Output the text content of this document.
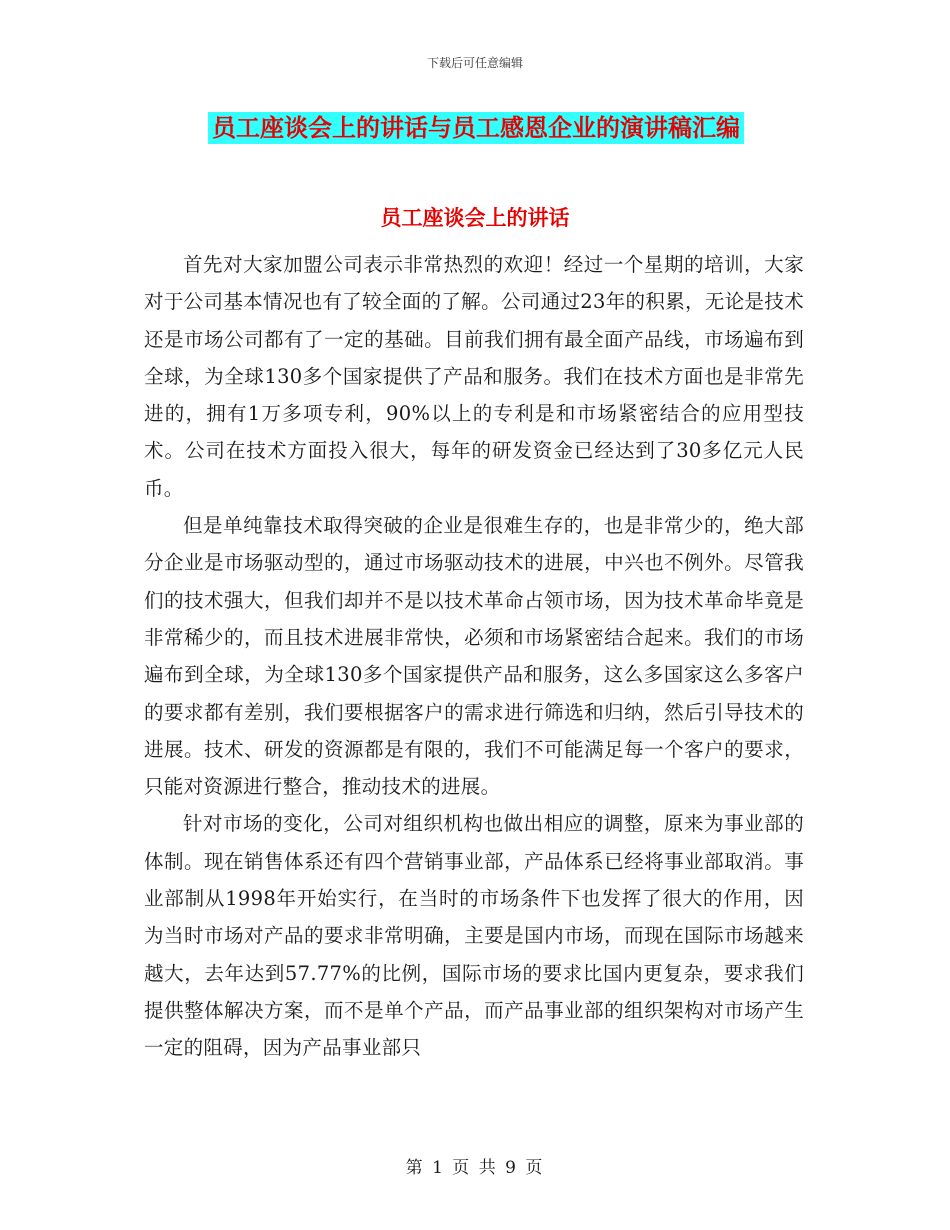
下载后可任意编辑
员工座谈会上的讲话与员工感恩企业的演讲稿汇编
员工座谈会上的讲话

首先对大家加盟公司表示非常热烈的欢迎！经过一个星期的培训，大家对于公司基本情况也有了较全面的了解。公司通过23年的积累，无论是技术还是市场公司都有了一定的基础。目前我们拥有最全面产品线，市场遍布到全球，为全球130多个国家提供了产品和服务。我们在技术方面也是非常先进的，拥有1万多项专利，90%以上的专利是和市场紧密结合的应用型技术。公司在技术方面投入很大，每年的研发资金已经达到了30多亿元人民币。

但是单纯靠技术取得突破的企业是很难生存的，也是非常少的，绝大部分企业是市场驱动型的，通过市场驱动技术的进展，中兴也不例外。尽管我们的技术强大，但我们却并不是以技术革命占领市场，因为技术革命毕竟是非常稀少的，而且技术进展非常快，必须和市场紧密结合起来。我们的市场遍布到全球，为全球130多个国家提供产品和服务，这么多国家这么多客户的要求都有差别，我们要根据客户的需求进行筛选和归纳，然后引导技术的进展。技术、研发的资源都是有限的，我们不可能满足每一个客户的要求，只能对资源进行整合，推动技术的进展。

针对市场的变化，公司对组织机构也做出相应的调整，原来为事业部的体制。现在销售体系还有四个营销事业部，产品体系已经将事业部取消。事业部制从1998年开始实行，在当时的市场条件下也发挥了很大的作用，因为当时市场对产品的要求非常明确，主要是国内市场，而现在国际市场越来越大，去年达到57.77%的比例，国际市场的要求比国内更复杂，要求我们提供整体解决方案，而不是单个产品，而产品事业部的组织架构对市场产生一定的阻碍，因为产品事业部只

第 1 页 共 9 页
